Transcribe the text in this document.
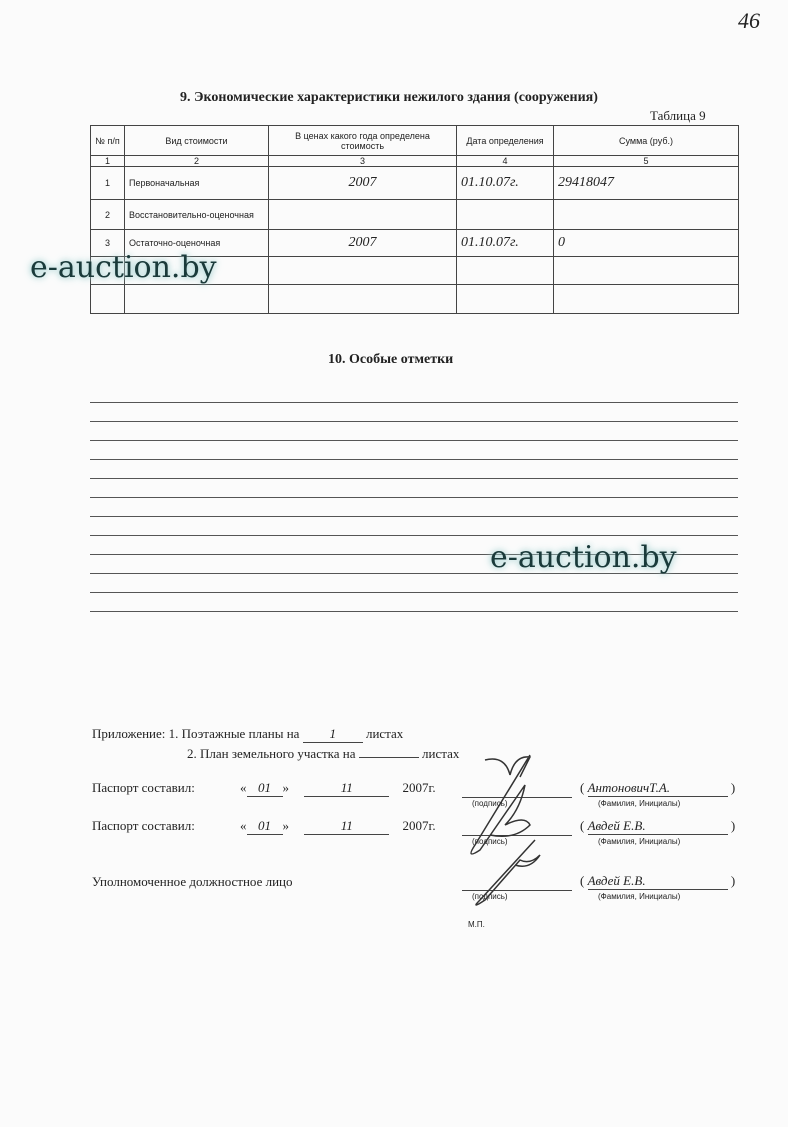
46
9. Экономические характеристики нежилого здания (сооружения)
Таблица 9
№ п/п	Вид стоимости	В ценах какого года определена стоимость	Дата определения	Сумма (руб.)
1	2	3	4	5
1	Первоначальная	2007	01.10.07г.	29418047
2	Восстановительно-оценочная			
3	Остаточно-оценочная	2007	01.10.07г.	0

e-auction.by
10. Особые отметки
e-auction.by
Приложение: 1. Поэтажные планы на 1 листах
2. План земельного участка на	листах
Паспорт составил:	« 01 »	11	2007г.
Паспорт составил:	« 01 »	11	2007г.
Уполномоченное должностное лицо
(подпись)
(подпись)
(подпись)
( АнтоновичТ.А.	)
(Фамилия, Инициалы)
( Авдей Е.В.	)
(Фамилия, Инициалы)
( Авдей Е.В.	)
(Фамилия, Инициалы)
М.П.
